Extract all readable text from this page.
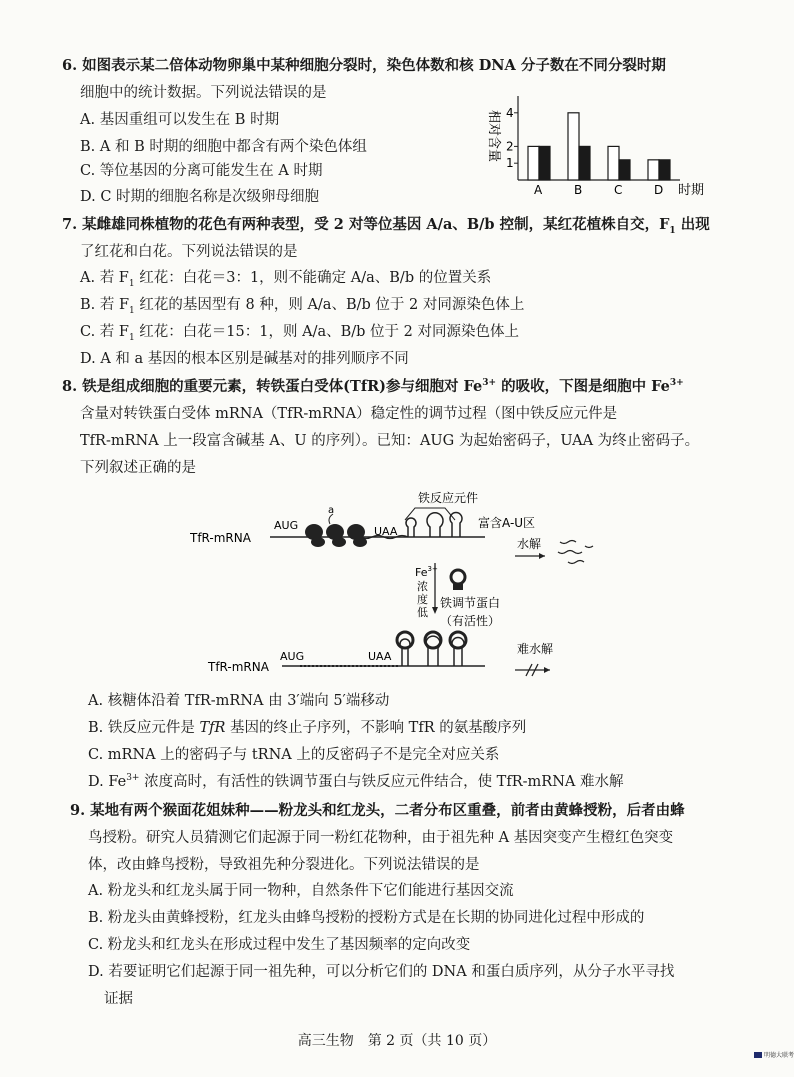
6. 如图表示某二倍体动物卵巢中某种细胞分裂时，染色体数和核 DNA 分子数在不同分裂时期
细胞中的统计数据。下列说法错误的是
A. 基因重组可以发生在 B 时期
B. A 和 B 时期的细胞中都含有两个染色体组
C. 等位基因的分离可能发生在 A 时期
D. C 时期的细胞名称是次级卵母细胞
相对含量 4
2
1
A	B	C	D 时期
7. 某雌雄同株植物的花色有两种表型，受 2 对等位基因 A/a、B/b 控制，某红花植株自交，$F_1$ 出现
了红花和白花。下列说法错误的是
A. 若 $F_1$ 红花：白花＝3：1，则不能确定 A/a、B/b 的位置关系
B. 若 $F_1$ 红花的基因型有 8 种，则 A/a、B/b 位于 2 对同源染色体上
C. 若 $F_1$ 红花：白花＝15：1，则 A/a、B/b 位于 2 对同源染色体上
D. A 和 a 基因的根本区别是碱基对的排列顺序不同
8. 铁是组成细胞的重要元素，转铁蛋白受体(TfR)参与细胞对 $Fe^{3+}$ 的吸收，下图是细胞中 $Fe^{3+}$
含量对转铁蛋白受体 mRNA（TfR-mRNA）稳定性的调节过程（图中铁反应元件是
TfR-mRNA 上一段富含碱基 A、U 的序列）。已知：AUG 为起始密码子，UAA 为终止密码子。
下列叙述正确的是
TfR-mRNA
AUG
a
UAA
铁反应元件
富含A-U区
水解
$Fe^{3+}$
浓
度
低
铁调节蛋白
（有活性）
TfR-mRNA
AUG	UAA
难水解
A. 核糖体沿着 TfR-mRNA 由 3′端向 5′端移动
B. 铁反应元件是 TfR 基因的终止子序列，不影响 TfR 的氨基酸序列
C. mRNA 上的密码子与 tRNA 上的反密码子不是完全对应关系
D. $Fe^{3+}$ 浓度高时，有活性的铁调节蛋白与铁反应元件结合，使 TfR-mRNA 难水解
9. 某地有两个猴面花姐妹种——粉龙头和红龙头，二者分布区重叠，前者由黄蜂授粉，后者由蜂
鸟授粉。研究人员猜测它们起源于同一粉红花物种，由于祖先种 A 基因突变产生橙红色突变
体，改由蜂鸟授粉，导致祖先种分裂进化。下列说法错误的是
A. 粉龙头和红龙头属于同一物种，自然条件下它们能进行基因交流
B. 粉龙头由黄蜂授粉，红龙头由蜂鸟授粉的授粉方式是在长期的协同进化过程中形成的
C. 粉龙头和红龙头在形成过程中发生了基因频率的定向改变
D. 若要证明它们起源于同一祖先种，可以分析它们的 DNA 和蛋白质序列，从分子水平寻找
证据
高三生物　第 2 页（共 10 页）
明德大联考
